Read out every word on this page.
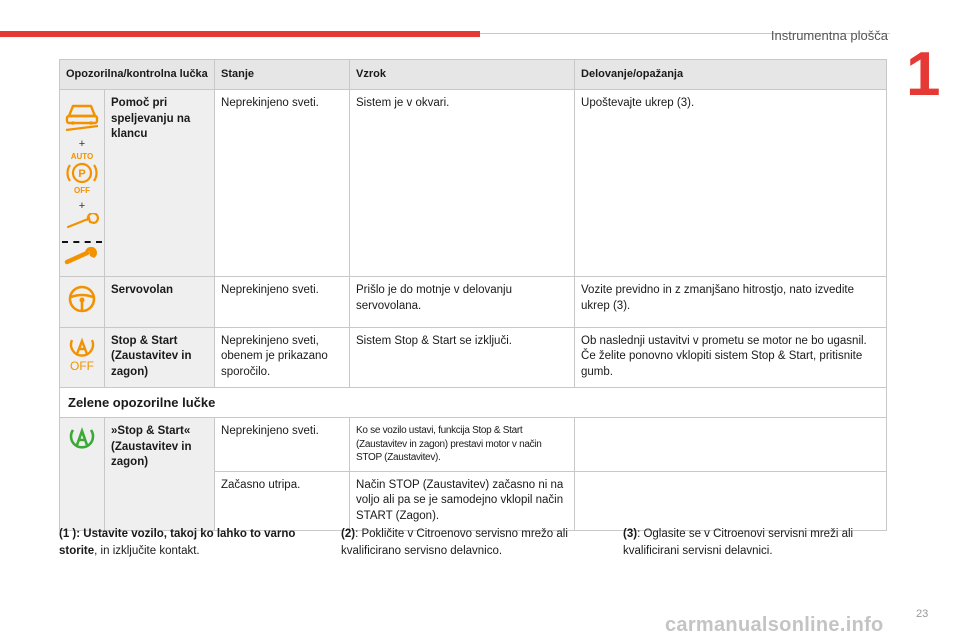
Instrumentna plošča
1
Opozorilna/kontrolna lučka		Stanje	Vzrok	Delovanje/opažanja

+
AUTO
P
OFF
+	Pomoč pri speljevanju na klancu	Neprekinjeno sveti.	Sistem je v okvari.	Upoštevajte ukrep (3).
	Servovolan	Neprekinjeno sveti.	Prišlo je do motnje v delovanju servovolana.	Vozite previdno in z zmanjšano hitrostjo, nato izvedite ukrep (3).

OFF	Stop & Start (Zaustavitev in zagon)	Neprekinjeno sveti, obenem je prikazano sporočilo.	Sistem Stop & Start se izključi.	Ob naslednji ustavitvi v prometu se motor ne bo ugasnil. Če želite ponovno vklopiti sistem Stop & Start, pritisnite gumb.
Zelene opozorilne lučke				
	»Stop & Start« (Zaustavitev in zagon)	Neprekinjeno sveti.	Ko se vozilo ustavi, funkcija Stop & Start (Zaustavitev in zagon) prestavi motor v način STOP (Zaustavitev).	
		Začasno utripa.	Način STOP (Zaustavitev) začasno ni na voljo ali pa se je samodejno vklopil način START (Zagon).	
(1 ): Ustavite vozilo, takoj ko lahko to varno storite, in izključite kontakt.
(2): Pokličite v Citroenovo servisno mrežo ali kvalificirano servisno delavnico.
(3): Oglasite se v Citroenovi servisni mreži ali kvalificirani servisni delavnici.
23
carmanualsonline.info
